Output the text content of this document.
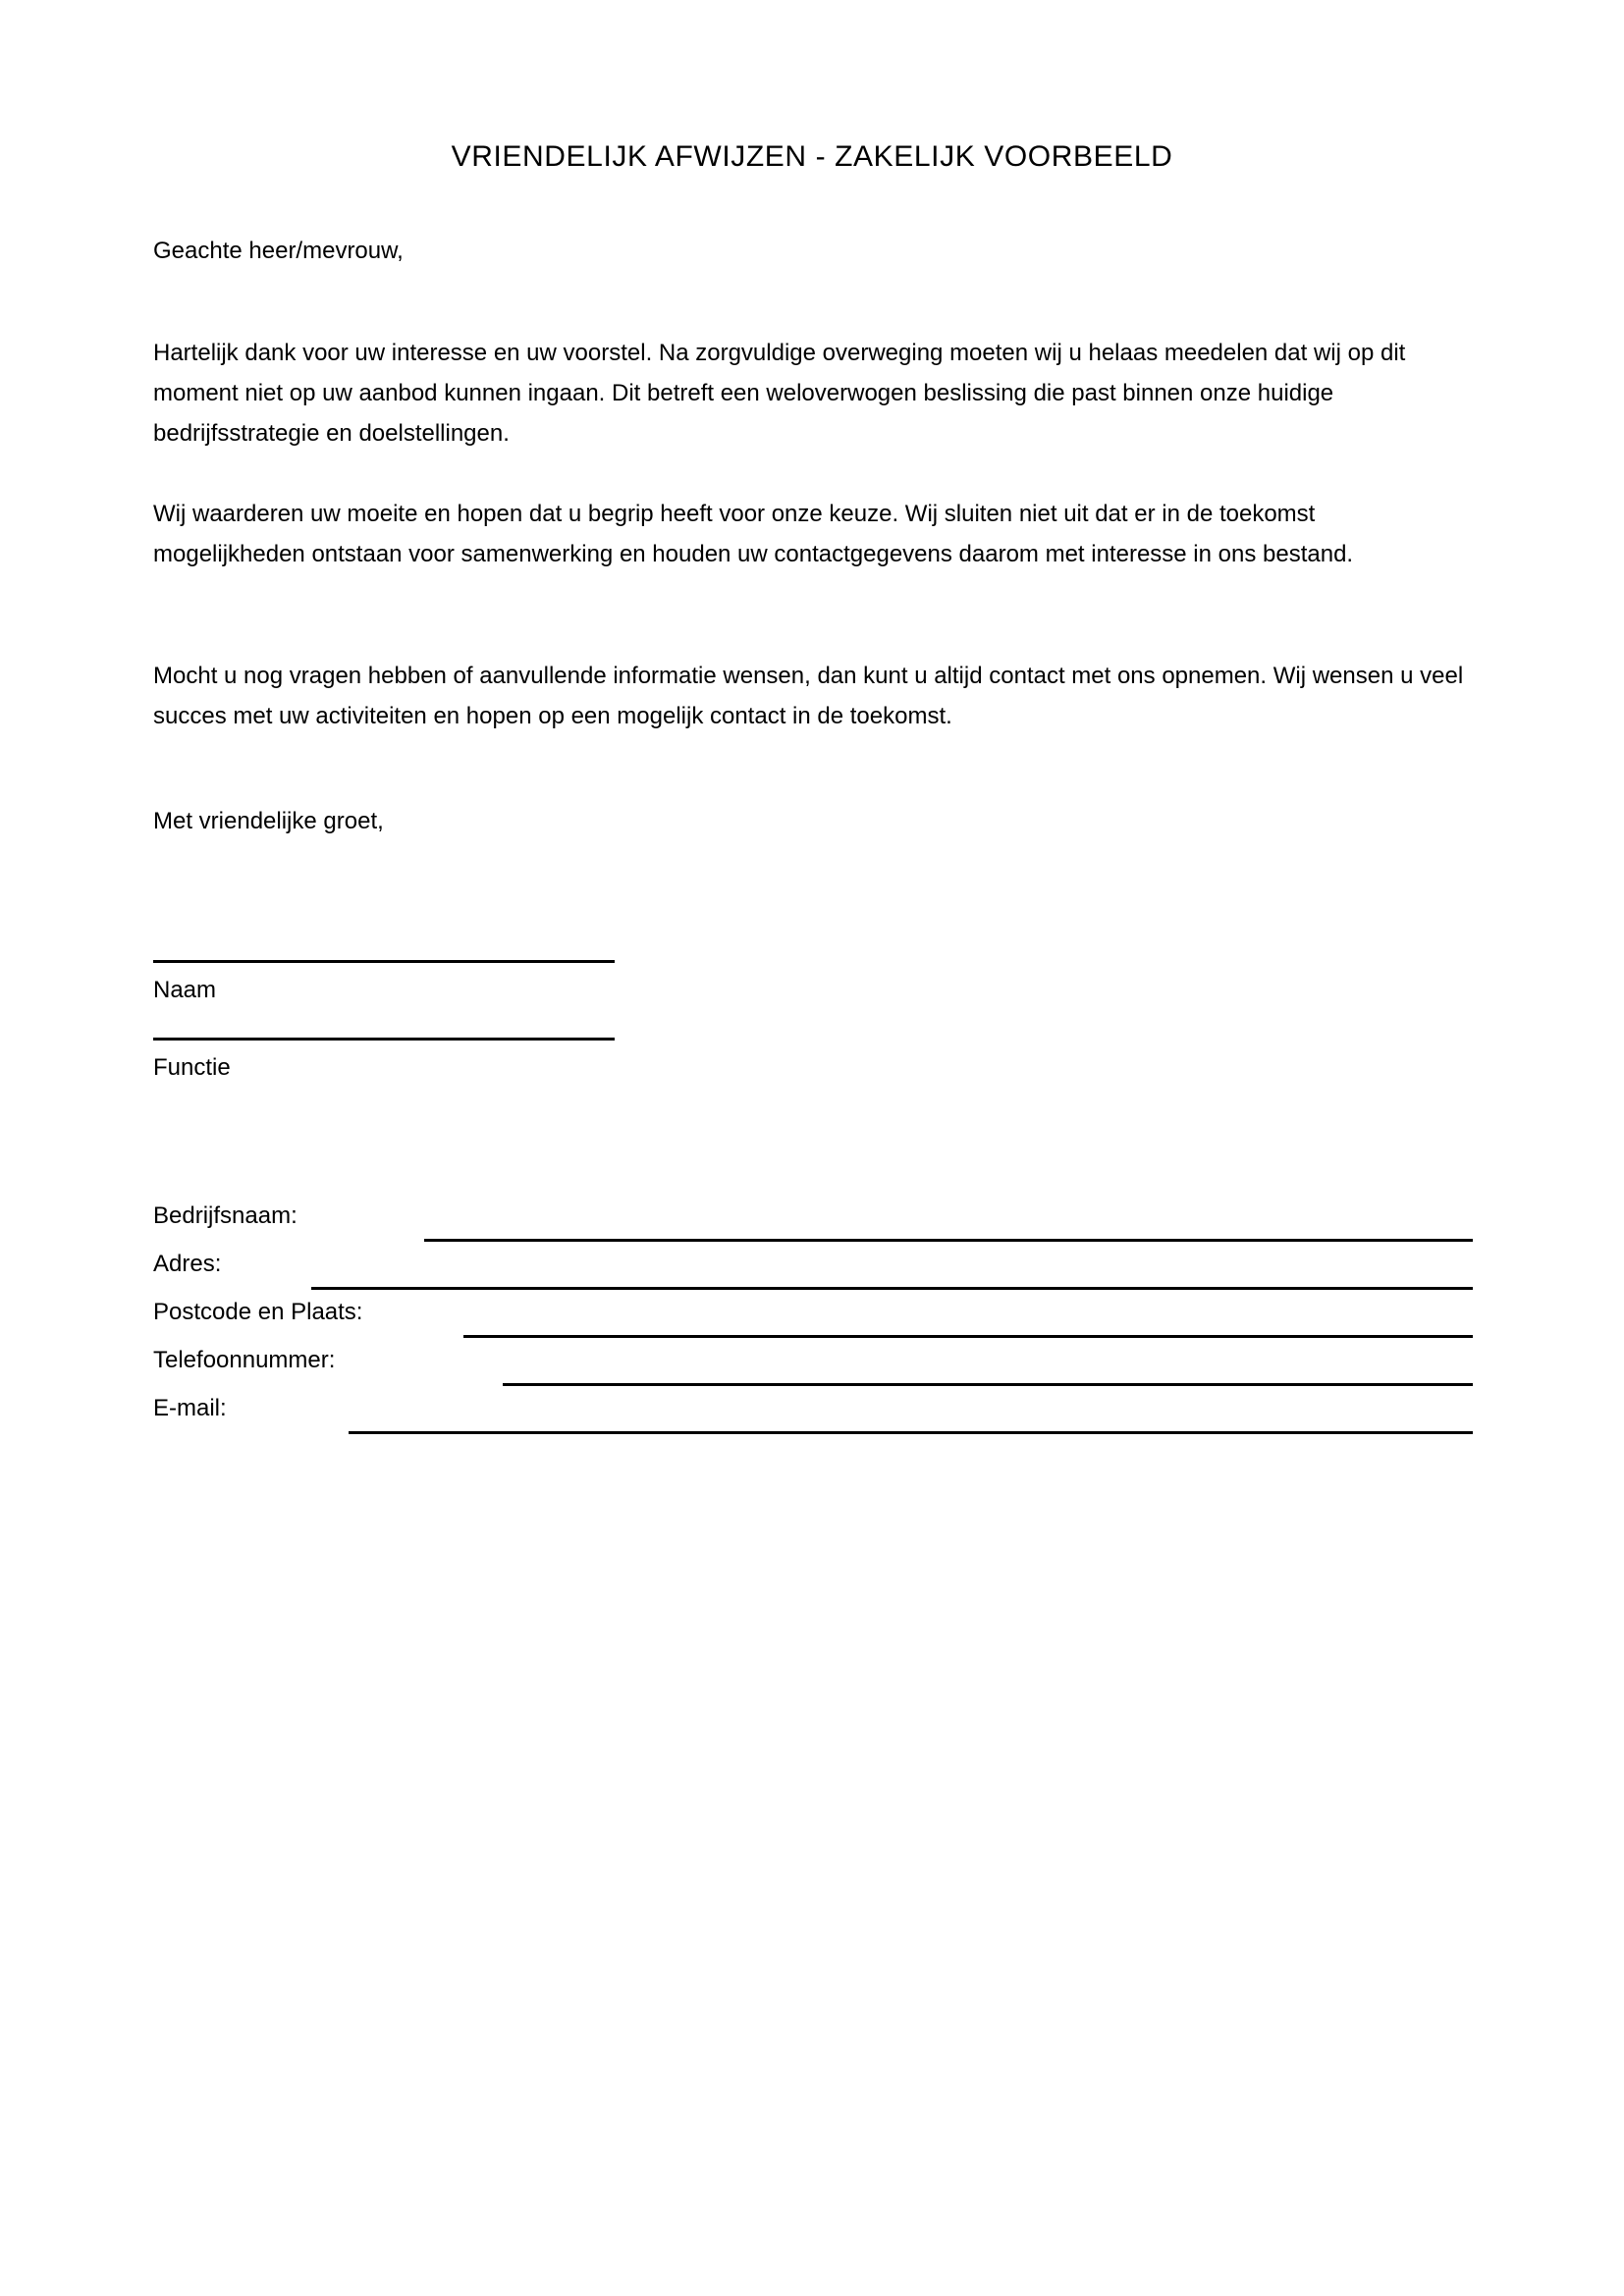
VRIENDELIJK AFWIJZEN - ZAKELIJK VOORBEELD
Geachte heer/mevrouw,

Hartelijk dank voor uw interesse en uw voorstel. Na zorgvuldige overweging moeten wij u helaas meedelen dat wij op dit moment niet op uw aanbod kunnen ingaan. Dit betreft een weloverwogen beslissing die past binnen onze huidige bedrijfsstrategie en doelstellingen.

Wij waarderen uw moeite en hopen dat u begrip heeft voor onze keuze. Wij sluiten niet uit dat er in de toekomst mogelijkheden ontstaan voor samenwerking en houden uw contactgegevens daarom met interesse in ons bestand.

Mocht u nog vragen hebben of aanvullende informatie wensen, dan kunt u altijd contact met ons opnemen. Wij wensen u veel succes met uw activiteiten en hopen op een mogelijk contact in de toekomst.

Met vriendelijke groet,
Naam
Functie
Bedrijfsnaam:
Adres:
Postcode en Plaats:
Telefoonnummer:
E-mail:
